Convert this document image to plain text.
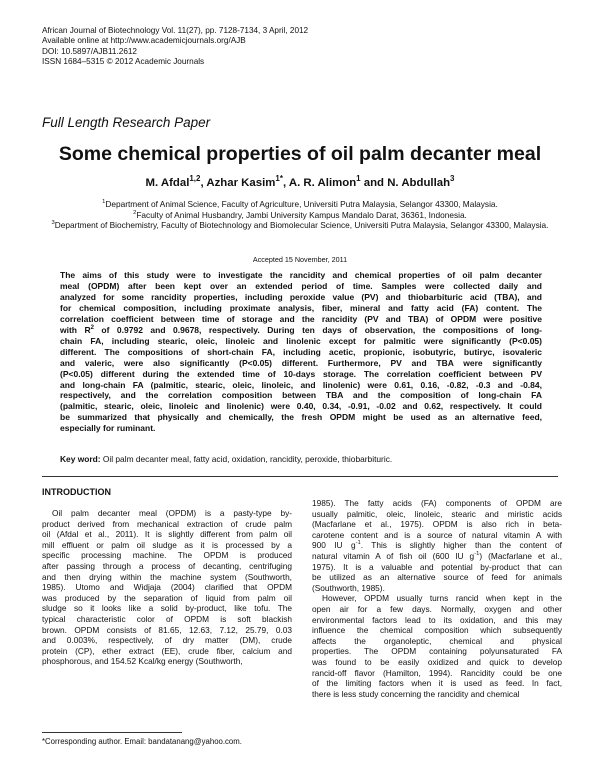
African Journal of Biotechnology Vol. 11(27), pp. 7128-7134, 3 April, 2012
Available online at http://www.academicjournals.org/AJB
DOI: 10.5897/AJB11.2612
ISSN 1684–5315 © 2012 Academic Journals
Full Length Research Paper
Some chemical properties of oil palm decanter meal
M. Afdal$^{1,2}$, Azhar Kasim$^{1*}$, A. R. Alimon$^1$ and N. Abdullah$^3$
$^1$Department of Animal Science, Faculty of Agriculture, Universiti Putra Malaysia, Selangor 43300, Malaysia.
$^2$Faculty of Animal Husbandry, Jambi University Kampus Mandalo Darat, 36361, Indonesia.
$^3$Department of Biochemistry, Faculty of Biotechnology and Biomolecular Science, Universiti Putra Malaysia, Selangor 43300, Malaysia.
Accepted 15 November, 2011
The aims of this study were to investigate the rancidity and chemical properties of oil palm decanter
meal (OPDM) after been kept over an extended period of time. Samples were collected daily and
analyzed for some rancidity properties, including peroxide value (PV) and thiobarbituric acid (TBA), and
for chemical composition, including proximate analysis, fiber, mineral and fatty acid (FA) content. The
correlation coefficient between time of storage and the rancidity (PV and TBA) of OPDM were positive
with $R^2$ of 0.9792 and 0.9678, respectively. During ten days of observation, the compositions of long-
chain FA, including stearic, oleic, linoleic and linolenic except for palmitic were significantly (P<0.05)
different. The compositions of short-chain FA, including acetic, propionic, isobutyric, butiryc, isovaleric
and valeric, were also significantly (P<0.05) different. Furthermore, PV and TBA were significantly
(P<0.05) different during the extended time of 10-days storage. The correlation coefficient between PV
and long-chain FA (palmitic, stearic, oleic, linoleic, and linolenic) were 0.61, 0.16, -0.82, -0.3 and -0.84,
respectively, and the correlation composition between TBA and the composition of long-chain FA
(palmitic, stearic, oleic, linoleic and linolenic) were 0.40, 0.34, -0.91, -0.02 and 0.62, respectively. It could
be summarized that physically and chemically, the fresh OPDM might be used as an alternative feed,
especially for ruminant.
Key word: Oil palm decanter meal, fatty acid, oxidation, rancidity, peroxide, thiobarbituric.
INTRODUCTION
Oil palm decanter meal (OPDM) is a pasty-type by-
product derived from mechanical extraction of crude palm
oil (Afdal et al., 2011). It is slightly different from palm oil
mill effluent or palm oil sludge as it is processed by a
specific processing machine. The OPDM is produced
after passing through a process of decanting, centrifuging
and then drying within the machine system (Southworth,
1985). Utomo and Widjaja (2004) clarified that OPDM
was produced by the separation of liquid from palm oil
sludge so it looks like a solid by-product, like tofu. The
typical characteristic color of OPDM is soft blackish
brown. OPDM consists of 81.65, 12.63, 7.12, 25.79, 0.03
and 0.003%, respectively, of dry matter (DM), crude
protein (CP), ether extract (EE), crude fiber, calcium and
phosphorous, and 154.52 Kcal/kg energy (Southworth,
1985). The fatty acids (FA) components of OPDM are
usually palmitic, oleic, linoleic, stearic and miristic acids
(Macfarlane et al., 1975). OPDM is also rich in beta-
carotene content and is a source of natural vitamin A with
900 IU $g^{-1}$. This is slightly higher than the content of
natural vitamin A of fish oil (600 IU $g^{-1}$) (Macfarlane et al.,
1975). It is a valuable and potential by-product that can
be utilized as an alternative source of feed for animals
(Southworth, 1985).
However, OPDM usually turns rancid when kept in the
open air for a few days. Normally, oxygen and other
environmental factors lead to its oxidation, and this may
influence the chemical composition which subsequently
affects the organoleptic, chemical and physical
properties. The OPDM containing polyunsaturated FA
was found to be easily oxidized and quick to develop
rancid-off flavor (Hamilton, 1994). Rancidity could be one
of the limiting factors when it is used as feed. In fact,
there is less study concerning the rancidity and chemical
*Corresponding author. Email: bandatanang@yahoo.com.
